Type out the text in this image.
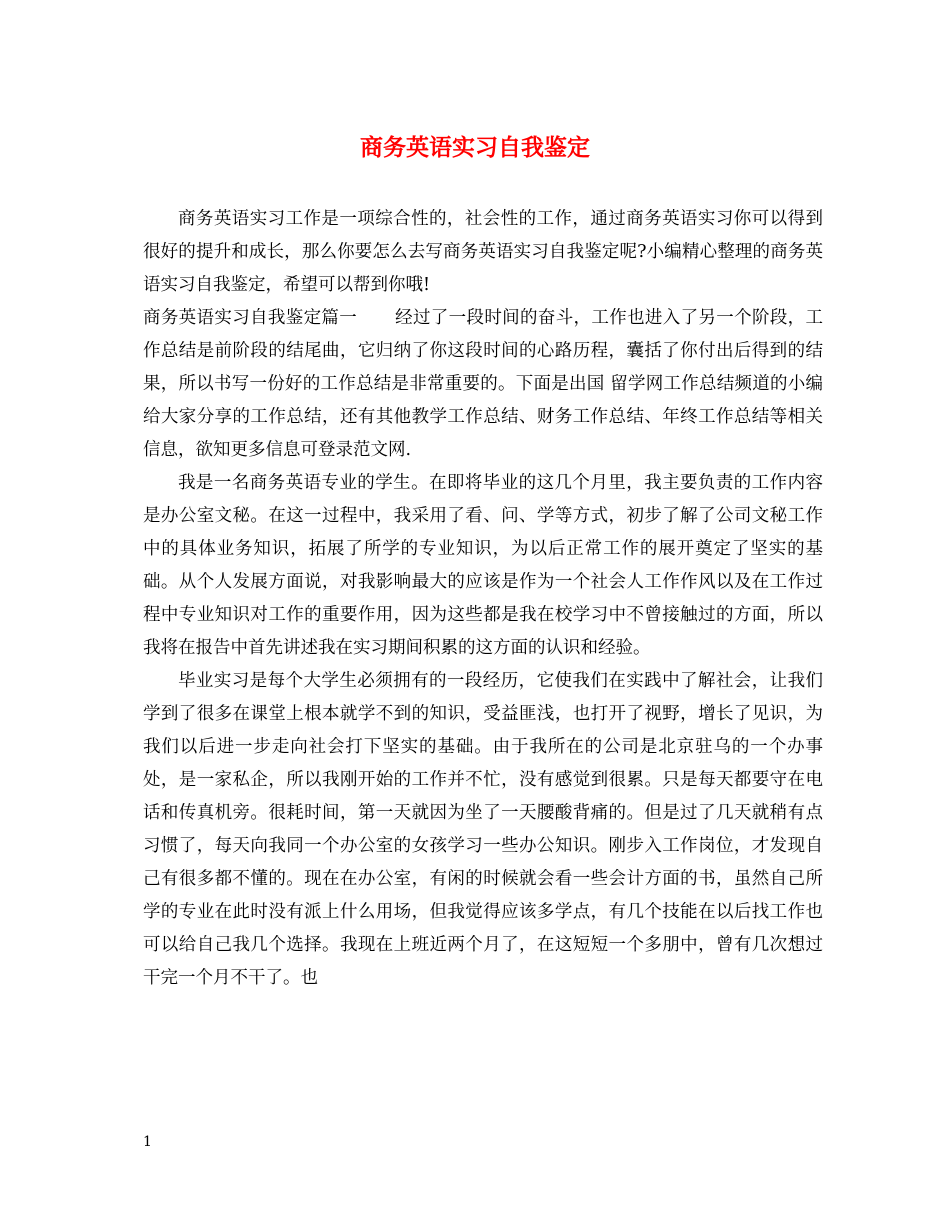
商务英语实习自我鉴定

商务英语实习工作是一项综合性的，社会性的工作，通过商务英语实习你可以得到很好的提升和成长，那么你要怎么去写商务英语实习自我鉴定呢?小编精心整理的商务英语实习自我鉴定，希望可以帮到你哦!

商务英语实习自我鉴定篇一 经过了一段时间的奋斗，工作也进入了另一个阶段，工作总结是前阶段的结尾曲，它归纳了你这段时间的心路历程，囊括了你付出后得到的结果，所以书写一份好的工作总结是非常重要的。下面是出国 留学网工作总结频道的小编给大家分享的工作总结，还有其他教学工作总结、财务工作总结、年终工作总结等相关信息，欲知更多信息可登录范文网.

我是一名商务英语专业的学生。在即将毕业的这几个月里，我主要负责的工作内容是办公室文秘。在这一过程中，我采用了看、问、学等方式，初步了解了公司文秘工作中的具体业务知识，拓展了所学的专业知识，为以后正常工作的展开奠定了坚实的基础。从个人发展方面说，对我影响最大的应该是作为一个社会人工作作风以及在工作过程中专业知识对工作的重要作用，因为这些都是我在校学习中不曾接触过的方面，所以我将在报告中首先讲述我在实习期间积累的这方面的认识和经验。

毕业实习是每个大学生必须拥有的一段经历，它使我们在实践中了解社会，让我们学到了很多在课堂上根本就学不到的知识，受益匪浅，也打开了视野，增长了见识，为我们以后进一步走向社会打下坚实的基础。由于我所在的公司是北京驻乌的一个办事处，是一家私企，所以我刚开始的工作并不忙，没有感觉到很累。只是每天都要守在电话和传真机旁。很耗时间，第一天就因为坐了一天腰酸背痛的。但是过了几天就稍有点习惯了，每天向我同一个办公室的女孩学习一些办公知识。刚步入工作岗位，才发现自己有很多都不懂的。现在在办公室，有闲的时候就会看一些会计方面的书，虽然自己所学的专业在此时没有派上什么用场，但我觉得应该多学点，有几个技能在以后找工作也可以给自己我几个选择。我现在上班近两个月了，在这短短一个多朋中，曾有几次想过干完一个月不干了。也

1
